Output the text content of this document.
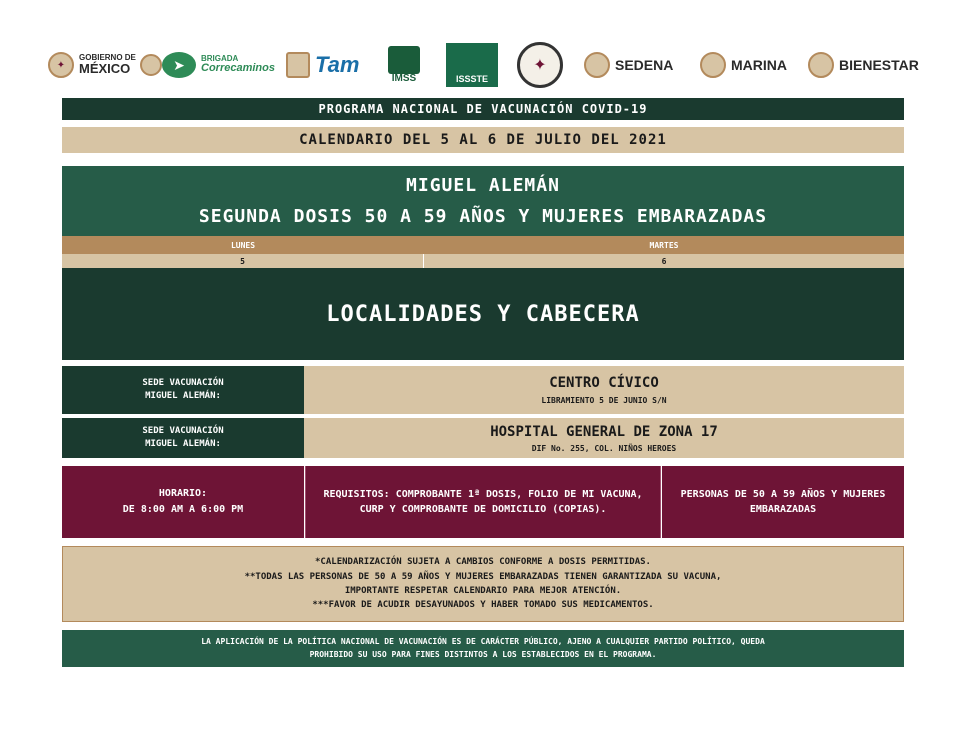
✦
GOBIERNO DE
MÉXICO	➤	BRIGADA
Correcaminos Tam
IMSS	ISSSTE
✦	SEDENA	MARINA	BIENESTAR
PROGRAMA NACIONAL DE VACUNACIÓN COVID-19
CALENDARIO DEL 5 AL 6 DE JULIO DEL 2021
MIGUEL ALEMÁN
SEGUNDA DOSIS 50 A 59 AÑOS Y MUJERES EMBARAZADAS
LUNES	MARTES
5	6
LOCALIDADES Y CABECERA
SEDE VACUNACIÓN
MIGUEL ALEMÁN:
CENTRO CÍVICO
LIBRAMIENTO 5 DE JUNIO S/N
SEDE VACUNACIÓN
MIGUEL ALEMÁN:
HOSPITAL GENERAL DE ZONA 17
DIF No. 255, COL. NIÑOS HEROES
HORARIO:
DE 8:00 AM A 6:00 PM
REQUISITOS: COMPROBANTE 1ª DOSIS, FOLIO DE MI VACUNA, CURP Y COMPROBANTE DE DOMICILIO (COPIAS).
PERSONAS DE 50 A 59 AÑOS Y MUJERES EMBARAZADAS
*CALENDARIZACIÓN SUJETA A CAMBIOS CONFORME A DOSIS PERMITIDAS.
**TODAS LAS PERSONAS DE 50 A 59 AÑOS Y MUJERES EMBARAZADAS TIENEN GARANTIZADA SU VACUNA,
IMPORTANTE RESPETAR CALENDARIO PARA MEJOR ATENCIÓN.
***FAVOR DE ACUDIR DESAYUNADOS Y HABER TOMADO SUS MEDICAMENTOS.
LA APLICACIÓN DE LA POLÍTICA NACIONAL DE VACUNACIÓN ES DE CARÁCTER PÚBLICO, AJENO A CUALQUIER PARTIDO POLÍTICO, QUEDA
PROHIBIDO SU USO PARA FINES DISTINTOS A LOS ESTABLECIDOS EN EL PROGRAMA.
